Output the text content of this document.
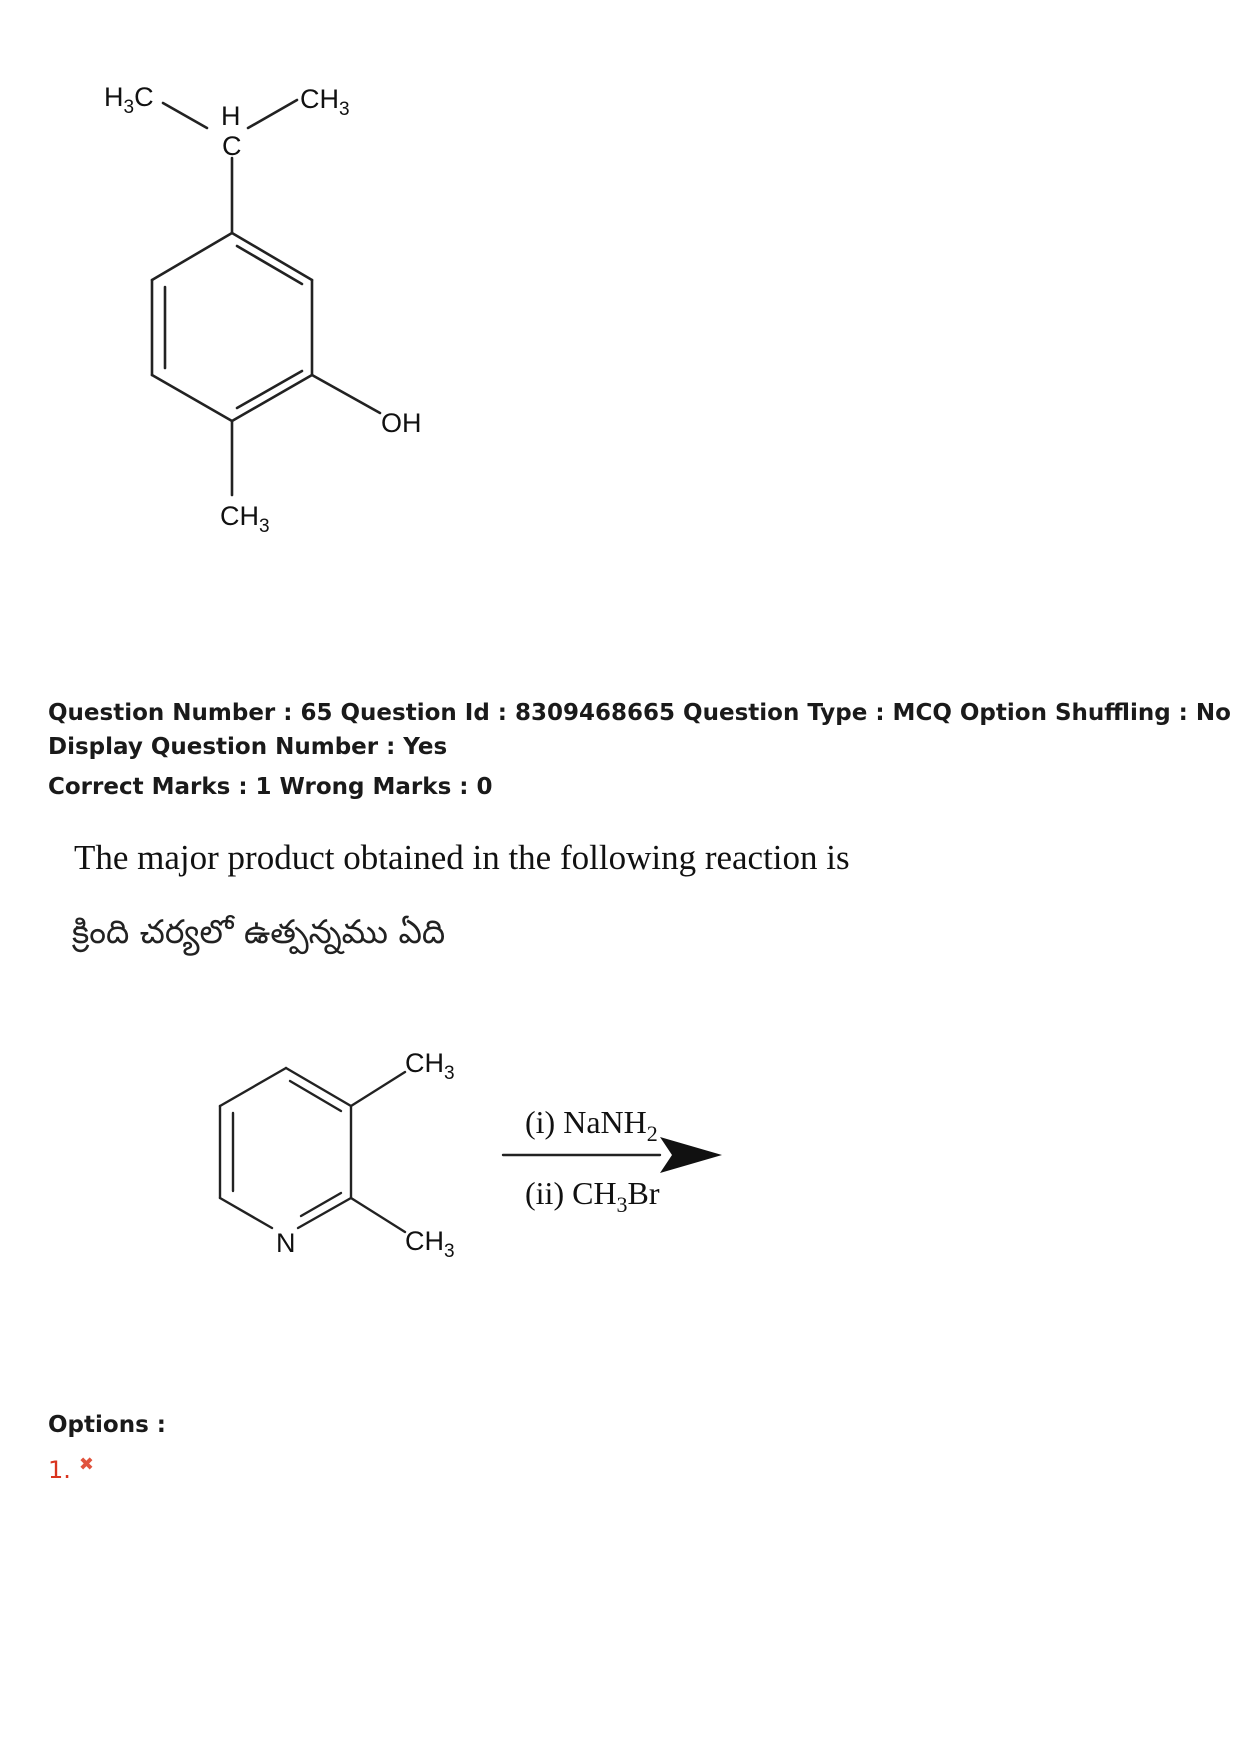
$H_3C$	$CH_3$
H
C
OH
$CH_3$
Question Number : 65 Question Id : 8309468665 Question Type : MCQ Option Shuffling : No
Display Question Number : Yes
Correct Marks : 1 Wrong Marks : 0
The major product obtained in the following reaction is
క్రింది చర్యలో ఉత్పన్నము ఏది
$CH_3$
$CH_3$
N
(i) NaNH$_2$
(ii) $CH_3Br$
Options :
1. ✖
